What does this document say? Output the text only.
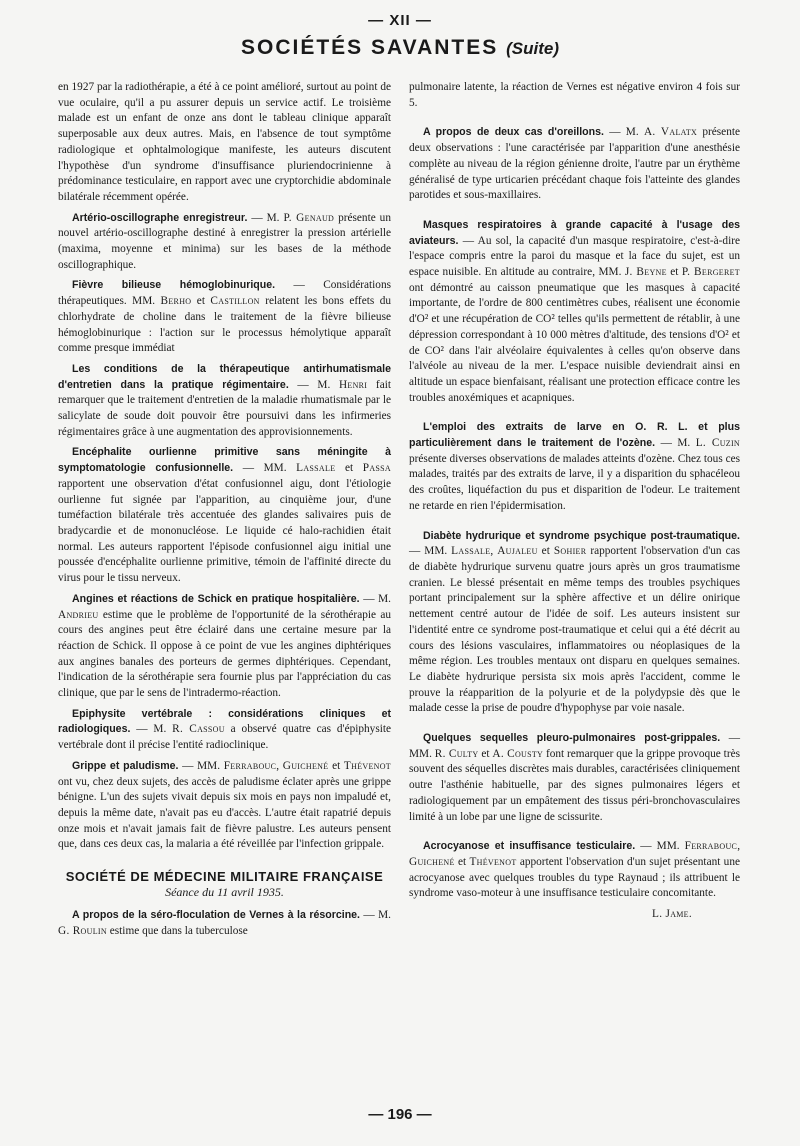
— XII —
SOCIÉTÉS SAVANTES (Suite)

en 1927 par la radiothérapie, a été à ce point amélioré, surtout au point de vue oculaire, qu'il a pu assurer depuis un service actif. Le troisième malade est un enfant de onze ans dont le tableau clinique apparaît superposable aux deux autres. Mais, en l'absence de tout symptôme radiologique et ophtalmologique manifeste, les auteurs discutent l'hypothèse d'un syndrome d'insuffisance pluriendocrinienne à prédominance testiculaire, en rapport avec une cryptorchidie abdominale bilatérale récemment opérée.

Artério-oscillographe enregistreur. — M. P. Genaud présente un nouvel artério-oscillographe destiné à enregistrer la pression artérielle (maxima, moyenne et minima) sur les bases de la méthode oscillographique.

Fièvre bilieuse hémoglobinurique. — Considérations thérapeutiques. MM. Berho et Castillon relatent les bons effets du chlorhydrate de choline dans le traitement de la fièvre bilieuse hémoglobinurique : l'action sur le processus hémolytique apparaît comme presque immédiat

Les conditions de la thérapeutique antirhumatismale d'entretien dans la pratique régimentaire. — M. Henri fait remarquer que le traitement d'entretien de la maladie rhumatismale par le salicylate de soude doit pouvoir être poursuivi dans les infirmeries régimentaires grâce à une augmentation des approvisionnements.

Encéphalite ourlienne primitive sans méningite à symptomatologie confusionnelle. — MM. Lassale et Passa rapportent une observation d'état confusionnel aigu, dont l'étiologie ourlienne fut signée par l'apparition, au cinquième jour, d'une tuméfaction bilatérale très accentuée des glandes salivaires puis de bradycardie et de mononucléose. Le liquide cé halo-rachidien était normal. Les auteurs rapportent l'épisode confusionnel aigu initial une poussée d'encéphalite ourlienne primitive, témoin de l'affinité directe du virus pour le tissu nerveux.

Angines et réactions de Schick en pratique hospitalière. — M. Andrieu estime que le problème de l'opportunité de la sérothérapie au cours des angines peut être éclairé dans une certaine mesure par la réaction de Schick. Il oppose à ce point de vue les angines diphtériques aux angines banales des porteurs de germes diphtériques. Cependant, l'indication de la sérothérapie sera fournie plus par l'appréciation du cas clinique, que par le sens de l'intradermo-réaction.

Epiphysite vertébrale : considérations cliniques et radiologiques. — M. R. Cassou a observé quatre cas d'épiphysite vertébrale dont il précise l'entité radioclinique.

Grippe et paludisme. — MM. Ferrabouc, Guichené et Thévenot ont vu, chez deux sujets, des accès de paludisme éclater après une grippe bénigne. L'un des sujets vivait depuis six mois en pays non impaludé et, depuis la même date, n'avait pas eu d'accès. L'autre était rapatrié depuis onze mois et n'avait jamais fait de fièvre palustre. Les auteurs pensent que, dans ces deux cas, la malaria a été réveillée par l'infection grippale.

SOCIÉTÉ DE MÉDECINE MILITAIRE FRANÇAISE
Séance du 11 avril 1935.

A propos de la séro-floculation de Vernes à la résorcine. — M. G. Roulin estime que dans la tuberculose

pulmonaire latente, la réaction de Vernes est négative environ 4 fois sur 5.

A propos de deux cas d'oreillons. — M. A. Valatx présente deux observations : l'une caractérisée par l'apparition d'une anesthésie complète au niveau de la région génienne droite, l'autre par un érythème généralisé de type urticarien précédant chaque fois l'atteinte des glandes parotides et sous-maxillaires.

Masques respiratoires à grande capacité à l'usage des aviateurs. — Au sol, la capacité d'un masque respiratoire, c'est-à-dire l'espace compris entre la paroi du masque et la face du sujet, est un espace nuisible. En altitude au contraire, MM. J. Beyne et P. Bergeret ont démontré au caisson pneumatique que les masques à capacité importante, de l'ordre de 800 centimètres cubes, réalisent une économie d'O² et une récupération de CO² telles qu'ils permettent de rétablir, à une dépression correspondant à 10 000 mètres d'altitude, des tensions d'O² et de CO² dans l'air alvéolaire équivalentes à celles qu'on observe dans l'alvéole au niveau de la mer. L'espace nuisible deviendrait ainsi en altitude un espace bienfaisant, réalisant une protection efficace contre les troubles anoxémiques et acapniques.

L'emploi des extraits de larve en O. R. L. et plus particulièrement dans le traitement de l'ozène. — M. L. Cuzin présente diverses observations de malades atteints d'ozène. Chez tous ces malades, traités par des extraits de larve, il y a disparition du sphacéleou des croûtes, liquéfaction du pus et disparition de l'odeur. Le traitement ne retarde en rien l'épidermisation.

Diabète hydrurique et syndrome psychique post-traumatique.— MM. Lassale, Aujaleu et Sohier rapportent l'observation d'un cas de diabète hydrurique survenu quatre jours après un gros traumatisme cranien. Le blessé présentait en même temps des troubles psychiques portant principalement sur la sphère affective et un délire onirique nettement centré autour de l'idée de soif. Les auteurs insistent sur l'identité entre ce syndrome post-traumatique et celui qui a été décrit au cours des lésions vasculaires, inflammatoires ou néoplasiques de la même région. Les troubles mentaux ont disparu en quelques semaines. Le diabète hydrurique persista six mois après l'accident, comme le prouve la réapparition de la polyurie et de la polydypsie dès que le malade cesse la prise de poudre d'hypophyse par voie nasale.

Quelques sequelles pleuro-pulmonaires post-grippales. — MM. R. Culty et A. Cousty font remarquer que la grippe provoque très souvent des séquelles discrètes mais durables, caractérisées cliniquement outre l'asthénie habituelle, par des signes pulmonaires légers et radiologiquement par un empâtement des tissus péri-bronchovasculaires limité à un lobe par une ligne de scissurite.

Acrocyanose et insuffisance testiculaire. — MM. Ferrabouc, Guichené et Thévenot apportent l'observation d'un sujet présentant une acrocyanose avec quelques troubles du type Raynaud ; ils attribuent le syndrome vaso-moteur à une insuffisance testiculaire concomitante.

L. Jame.
— 196 —
